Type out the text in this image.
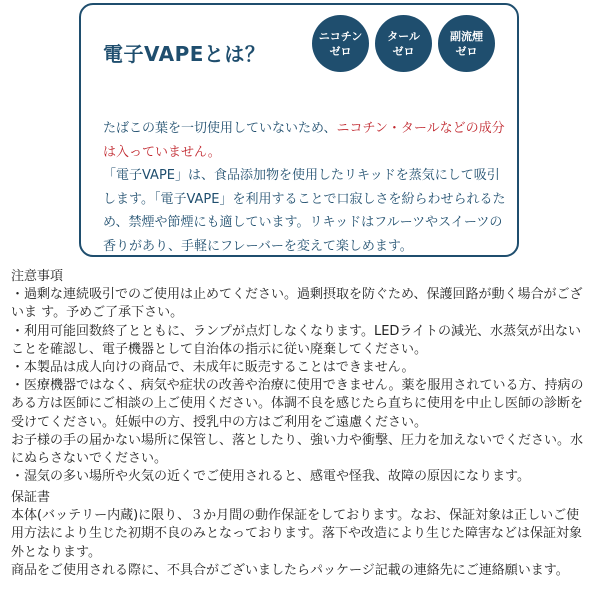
電子VAPEとは？
ニコチン
ゼロ
タール
ゼロ
副流煙
ゼロ

たばこの葉を一切使用していないため、ニコチン・タールなどの成分は入っていません。
「電子VAPE」は、食品添加物を使用したリキッドを蒸気にして吸引します。「電子VAPE」を利用することで口寂しさを紛らわせられるため、禁煙や節煙にも適しています。リキッドはフルーツやスイーツの香りがあり、手軽にフレーバーを変えて楽しめます。

注意事項

・過剰な連続吸引でのご使用は止めてください。過剰摂取を防ぐため、保護回路が動く場合がございま す。予めご了承下さい。

・利用可能回数終了とともに、ランプが点灯しなくなります。LEDライトの減光、水蒸気が出ないことを確認し、電子機器として自治体の指示に従い廃棄してください。

・本製品は成人向けの商品で、未成年に販売することはできません。

・医療機器ではなく、病気や症状の改善や治療に使用できません。薬を服用されている方、持病のある方は医師にご相談の上ご使用ください。体調不良を感じたら直ちに使用を中止し医師の診断を受けてください。妊娠中の方、授乳中の方はご利用をご遠慮ください。

お子様の手の届かない場所に保管し、落としたり、強い力や衝撃、圧力を加えないでください。水にぬらさないでください。

・湿気の多い場所や火気の近くでご使用されると、感電や怪我、故障の原因になります。

保証書

本体(バッテリー内蔵)に限り、３か月間の動作保証をしております。なお、保証対象は正しいご使用方法により生じた初期不良のみとなっております。落下や改造により生じた障害などは保証対象外となります。

商品をご使用される際に、不具合がございましたらパッケージ記載の連絡先にご連絡願います。
